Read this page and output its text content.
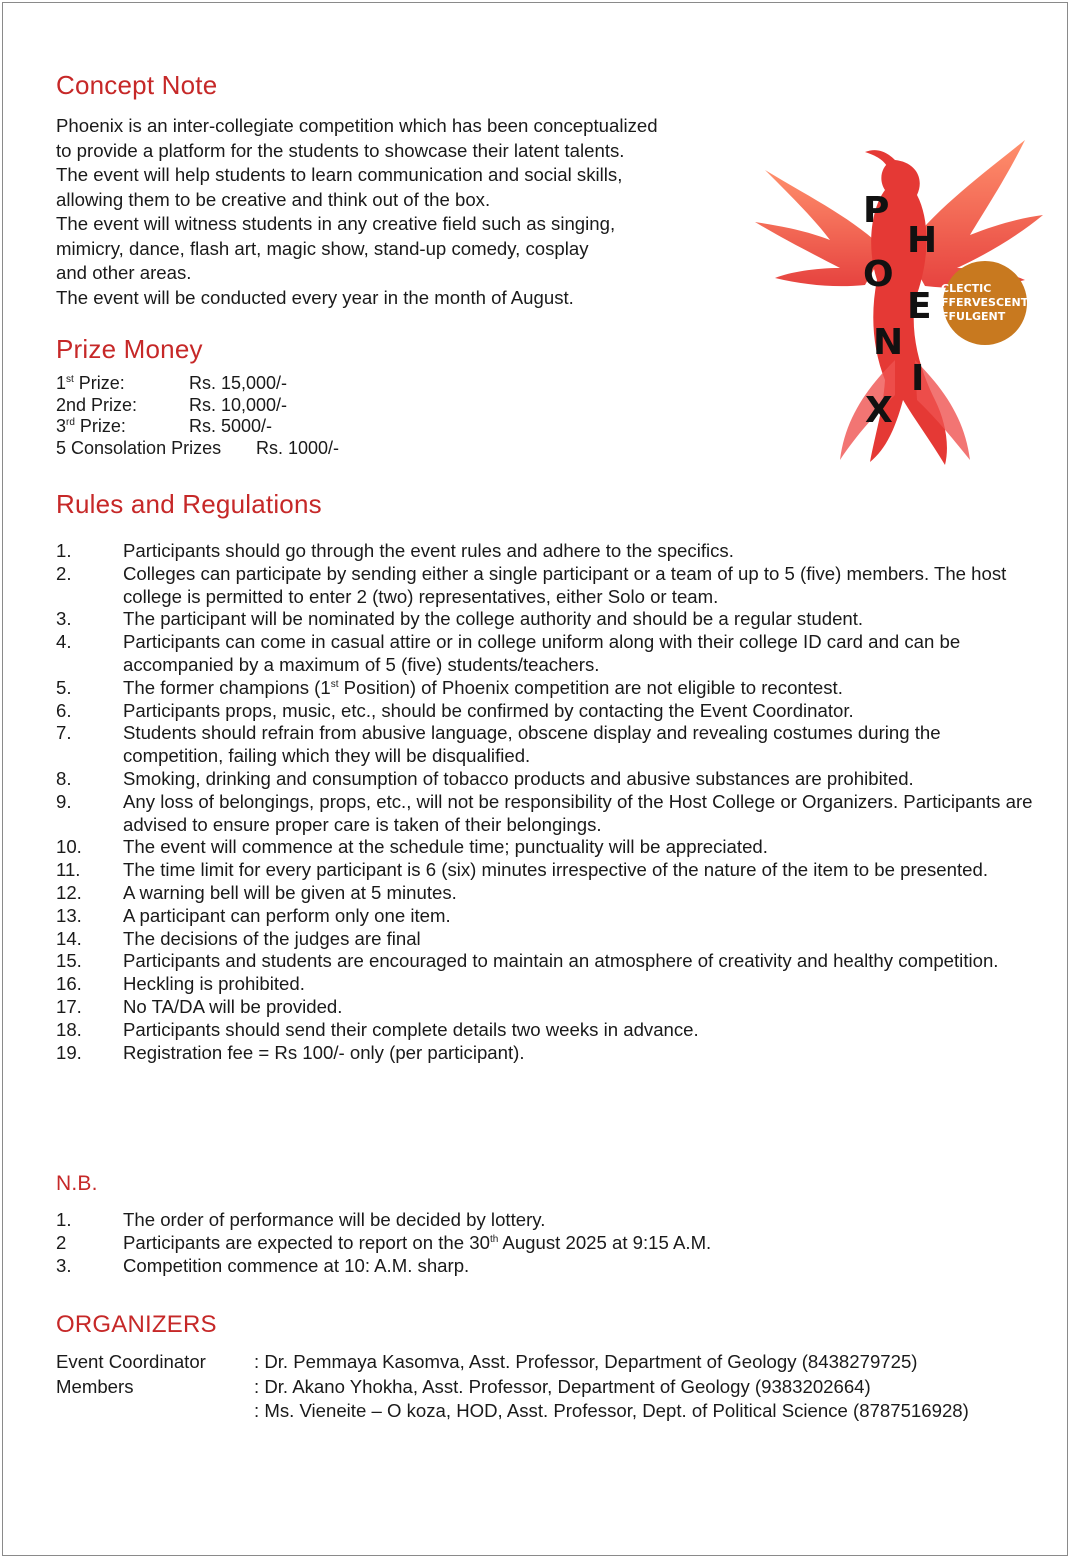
Concept Note
Phoenix is an inter-collegiate competition which has been conceptualized
to provide a platform for the students to showcase their latent talents.
The event will help students to learn communication and social skills,
allowing them to be creative and think out of the box.
The event will witness students in any creative field such as singing,
mimicry, dance, flash art, magic show, stand-up comedy, cosplay
and other areas.
The event will be conducted every year in the month of August.
P
H
O
E
N
I
X
CLECTIC
FFERVESCENT
FFULGENT
Prize Money
1st Prize:	Rs. 15,000/-
2nd Prize:	Rs. 10,000/-
3rd Prize:	Rs. 5000/-
5 Consolation Prizes	Rs. 1000/-
Rules and Regulations
1.	Participants should go through the event rules and adhere to the specifics.
2.	Colleges can participate by sending either a single participant or a team of up to 5 (five) members. The host college is permitted to enter 2 (two) representatives, either Solo or team.
3.	The participant will be nominated by the college authority and should be a regular student.
4.	Participants can come in casual attire or in college uniform along with their college ID card and can be accompanied by a maximum of 5 (five) students/teachers.
5.	The former champions (1st Position) of Phoenix competition are not eligible to recontest.
6.	Participants props, music, etc., should be confirmed by contacting the Event Coordinator.
7.	Students should refrain from abusive language, obscene display and revealing costumes during the competition, failing which they will be disqualified.
8.	Smoking, drinking and consumption of tobacco products and abusive substances are prohibited.
9.	Any loss of belongings, props, etc., will not be responsibility of the Host College or Organizers. Participants are advised to ensure proper care is taken of their belongings.
10.	The event will commence at the schedule time; punctuality will be appreciated.
11.	The time limit for every participant is 6 (six) minutes irrespective of the nature of the item to be presented.
12.	A warning bell will be given at 5 minutes.
13.	A participant can perform only one item.
14.	The decisions of the judges are final
15.	Participants and students are encouraged to maintain an atmosphere of creativity and healthy competition.
16.	Heckling is prohibited.
17.	No TA/DA will be provided.
18.	Participants should send their complete details two weeks in advance.
19.	Registration fee = Rs 100/- only (per participant).
N.B.
1.	The order of performance will be decided by lottery.
2	Participants are expected to report on the 30th August 2025 at 9:15 A.M.
3.	Competition commence at 10: A.M. sharp.
ORGANIZERS
Event Coordinator	: Dr. Pemmaya Kasomva, Asst. Professor, Department of Geology (8438279725)
Members	: Dr. Akano Yhokha, Asst. Professor, Department of Geology (9383202664)
: Ms. Vieneite – O koza, HOD, Asst. Professor, Dept. of Political Science (8787516928)
